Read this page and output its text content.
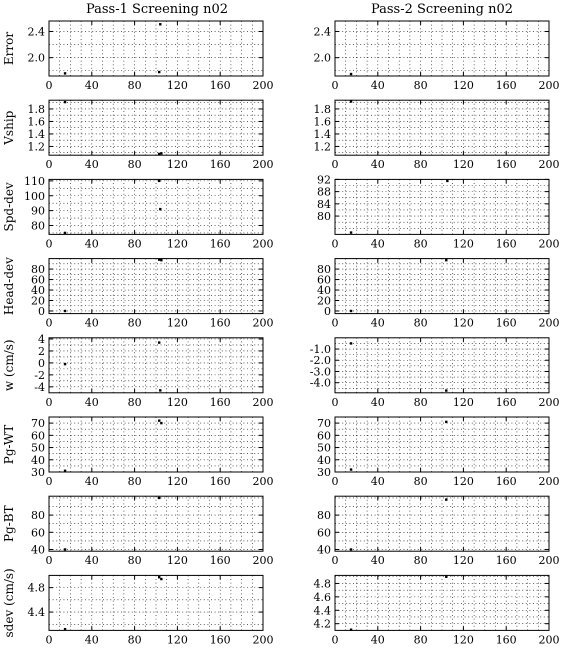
Pass-1 Screening n02	Pass-2 Screening n02
0	40	80 120 160 200
2.0
2.4
Error
0	40	80 120 160 200
2.0
2.4
0	40	80 120 160 200
1.2
1.4
1.6
1.8
Vship
0	40	80 120 160 200
1.2
1.4
1.6
1.8
0	40	80 120 160 200
80
90
100
110
Spd-dev
0	40	80 120 160 200
80
84
88
92
0	40	80 120 160 200
0
20
40
60
80
Head-dev
0	40	80 120 160 200
0
20
40
60
80
0	40	80 120 160 200
-4
-2
0
2
4
w (cm/s)
0	40	80 120 160 200
-4.0
-3.0
-2.0
-1.0
0	40	80 120 160 200
30
40
50
60
70
Pg-WT
0	40	80 120 160 200
30
40
50
60
70
0	40	80 120 160 200
40
60
80
Pg-BT
0	40	80 120 160 200
40
60
80
0	40	80 120 160 200
4.4
4.8
sdev (cm/s)
0	40	80 120 160 200
4.2
4.4
4.6
4.8
